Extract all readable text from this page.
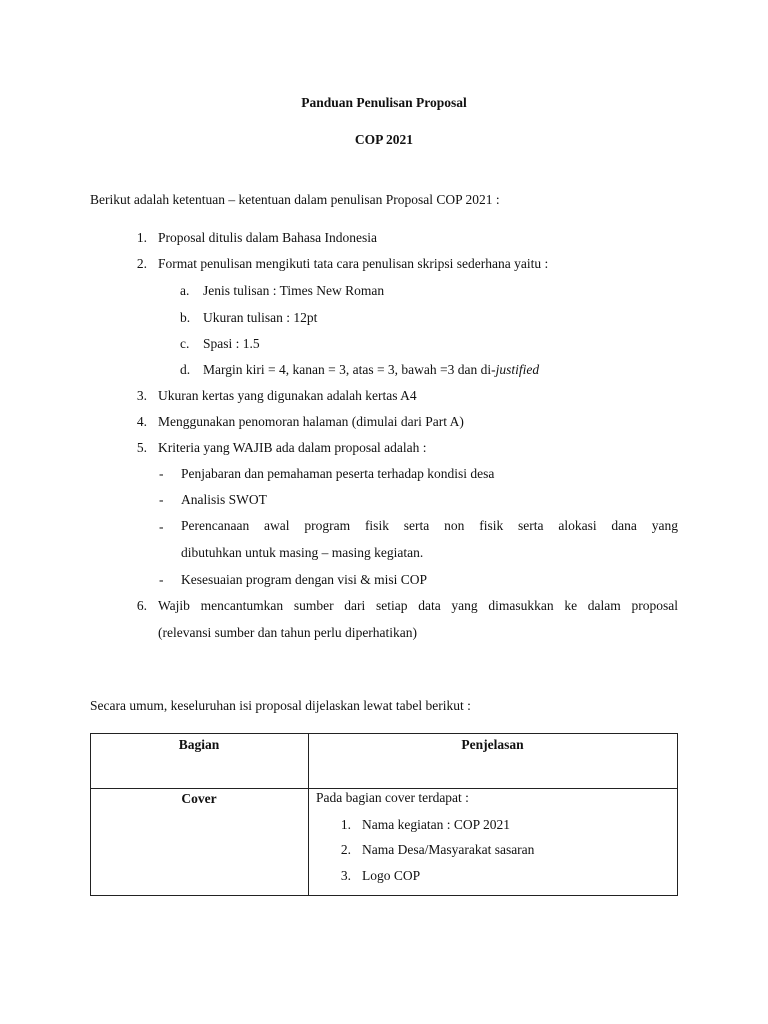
Panduan Penulisan Proposal
COP 2021
Berikut adalah ketentuan – ketentuan dalam penulisan Proposal COP 2021 :
1. Proposal ditulis dalam Bahasa Indonesia
2. Format penulisan mengikuti tata cara penulisan skripsi sederhana yaitu :
a. Jenis tulisan : Times New Roman
b. Ukuran tulisan : 12pt
c. Spasi : 1.5
d. Margin kiri = 4, kanan = 3, atas = 3, bawah =3 dan di-justified
3. Ukuran kertas yang digunakan adalah kertas A4
4. Menggunakan penomoran halaman (dimulai dari Part A)
5. Kriteria yang WAJIB ada dalam proposal adalah :
- Penjabaran dan pemahaman peserta terhadap kondisi desa
- Analisis SWOT
- Perencanaan awal program fisik serta non fisik serta alokasi dana yang
dibutuhkan untuk masing – masing kegiatan.
- Kesesuaian program dengan visi & misi COP
6. Wajib mencantumkan sumber dari setiap data yang dimasukkan ke dalam proposal
(relevansi sumber dan tahun perlu diperhatikan)
Secara umum, keseluruhan isi proposal dijelaskan lewat tabel berikut :
Bagian	Penjelasan
Cover	Pada bagian cover terdapat :
1. Nama kegiatan : COP 2021
2. Nama Desa/Masyarakat sasaran
3. Logo COP
